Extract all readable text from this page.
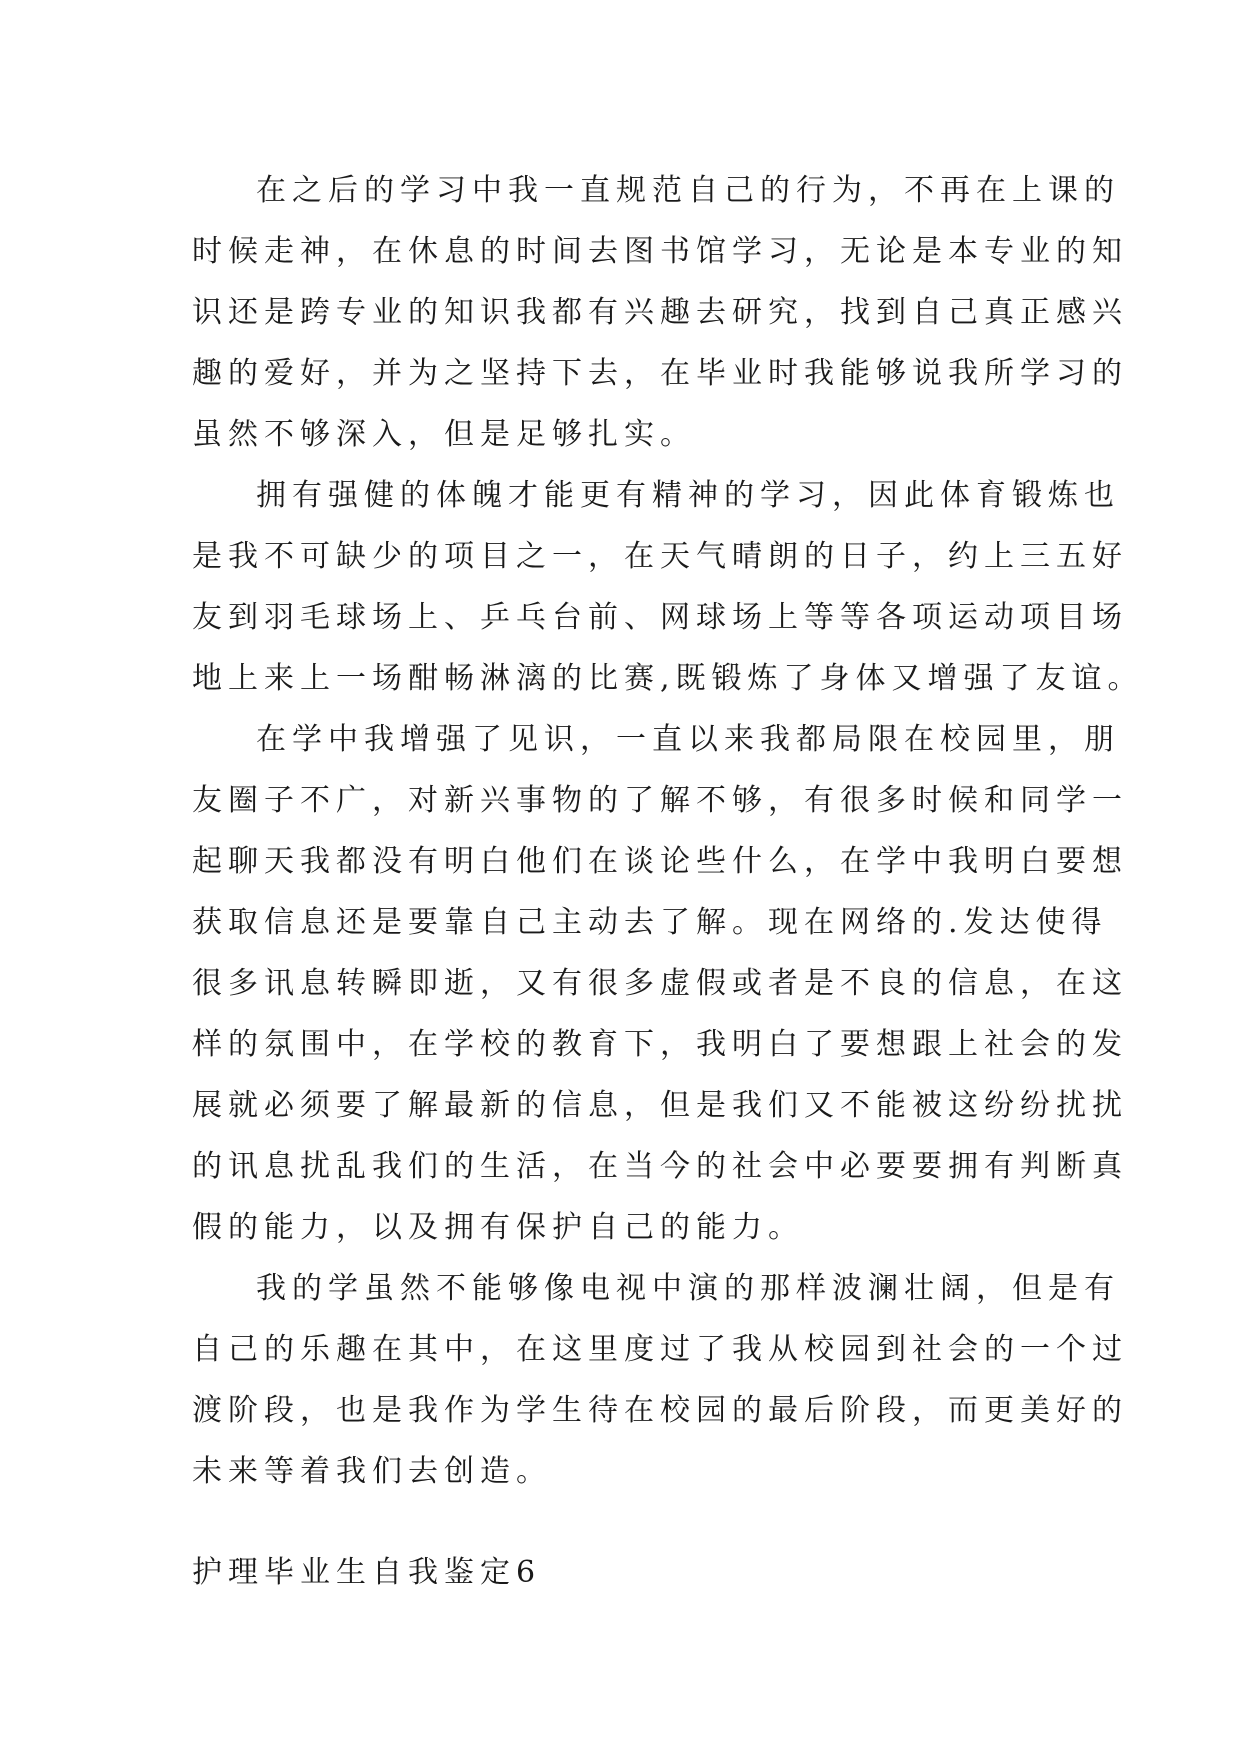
在之后的学习中我一直规范自己的行为，不再在上课的
时候走神，在休息的时间去图书馆学习，无论是本专业的知
识还是跨专业的知识我都有兴趣去研究，找到自己真正感兴
趣的爱好，并为之坚持下去，在毕业时我能够说我所学习的
虽然不够深入，但是足够扎实。
拥有强健的体魄才能更有精神的学习，因此体育锻炼也
是我不可缺少的项目之一，在天气晴朗的日子，约上三五好
友到羽毛球场上、乒乓台前、网球场上等等各项运动项目场
地上来上一场酣畅淋漓的比赛,既锻炼了身体又增强了友谊。
在学中我增强了见识，一直以来我都局限在校园里，朋
友圈子不广，对新兴事物的了解不够，有很多时候和同学一
起聊天我都没有明白他们在谈论些什么，在学中我明白要想
获取信息还是要靠自己主动去了解。现在网络的.发达使得
很多讯息转瞬即逝，又有很多虚假或者是不良的信息，在这
样的氛围中，在学校的教育下，我明白了要想跟上社会的发
展就必须要了解最新的信息，但是我们又不能被这纷纷扰扰
的讯息扰乱我们的生活，在当今的社会中必要要拥有判断真
假的能力，以及拥有保护自己的能力。
我的学虽然不能够像电视中演的那样波澜壮阔，但是有
自己的乐趣在其中，在这里度过了我从校园到社会的一个过
渡阶段，也是我作为学生待在校园的最后阶段，而更美好的
未来等着我们去创造。
护理毕业生自我鉴定6
